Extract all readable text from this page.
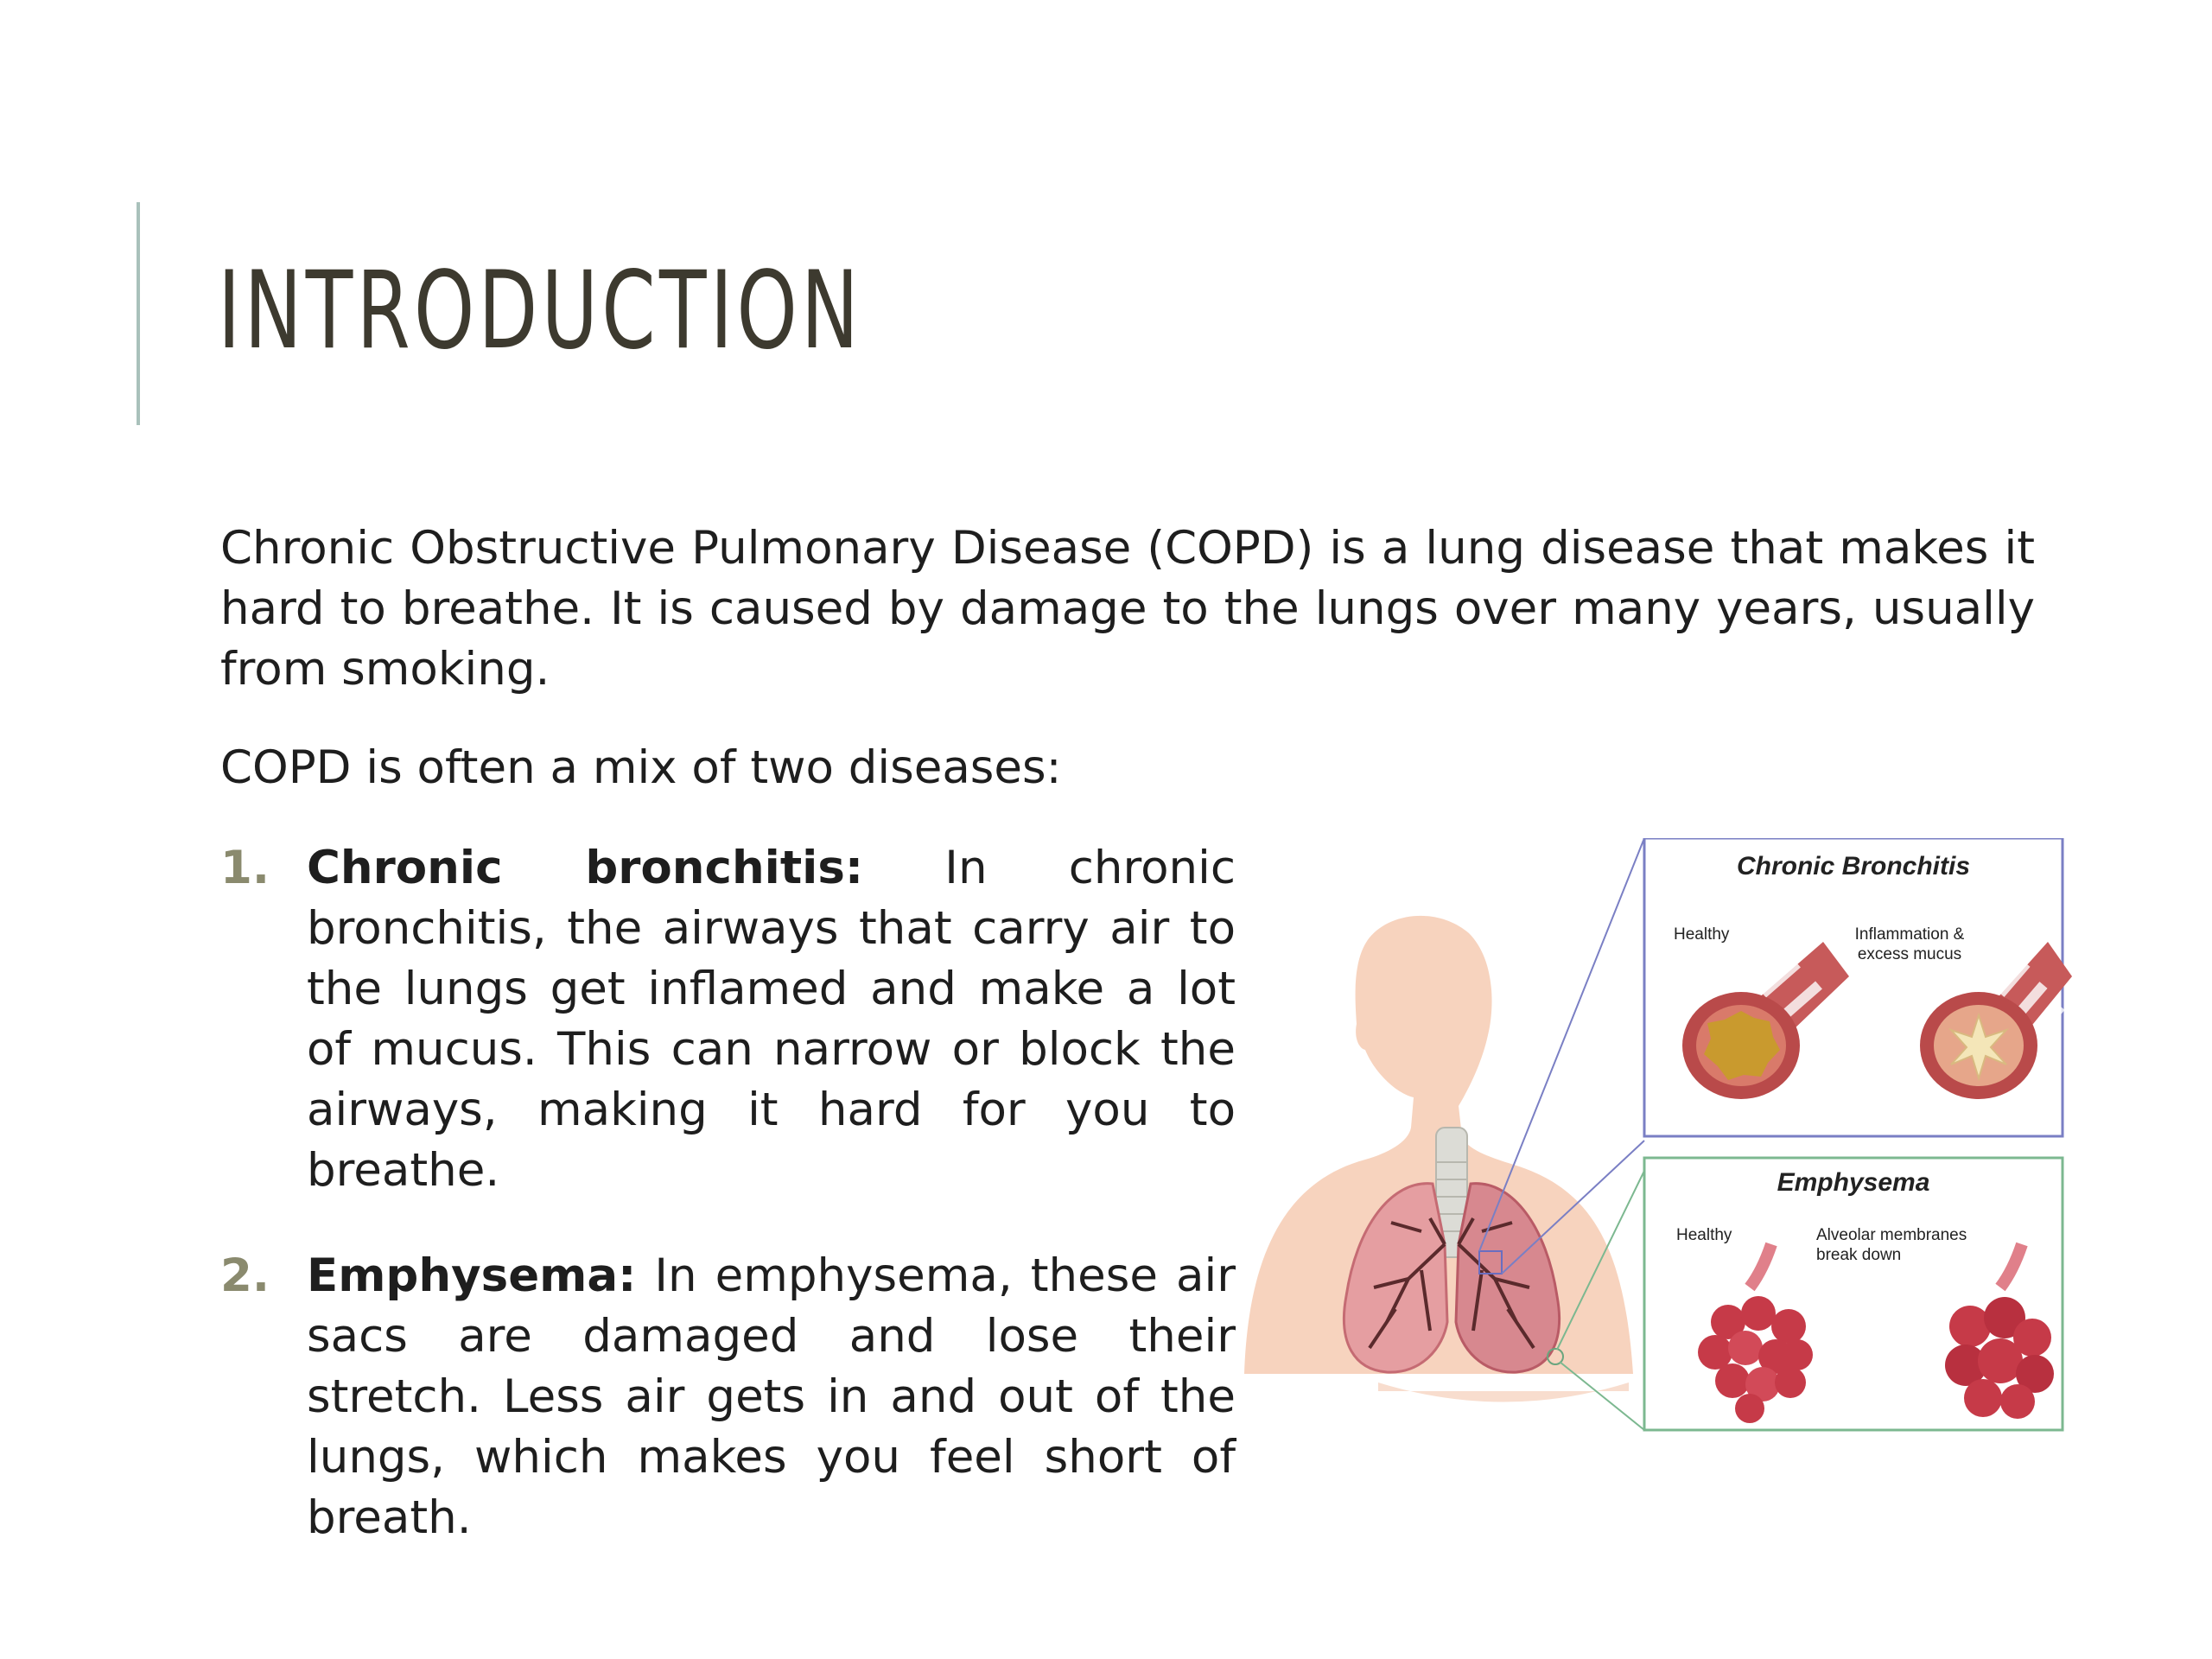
INTRODUCTION

Chronic Obstructive Pulmonary Disease (COPD) is a lung disease that makes it hard to breathe. It is caused by damage to the lungs over many years, usually from smoking.

COPD is often a mix of two diseases:

1. Chronic bronchitis: In chronic bronchitis, the airways that carry air to the lungs get inflamed and make a lot of mucus. This can narrow or block the airways, making it hard for you to breathe.
2. Emphysema: In emphysema, these air sacs are damaged and lose their stretch. Less air gets in and out of the lungs, which makes you feel short of breath.
Chronic Bronchitis
Healthy	Inflammation & excess mucus
Emphysema
Healthy	Alveolar membranes break down
